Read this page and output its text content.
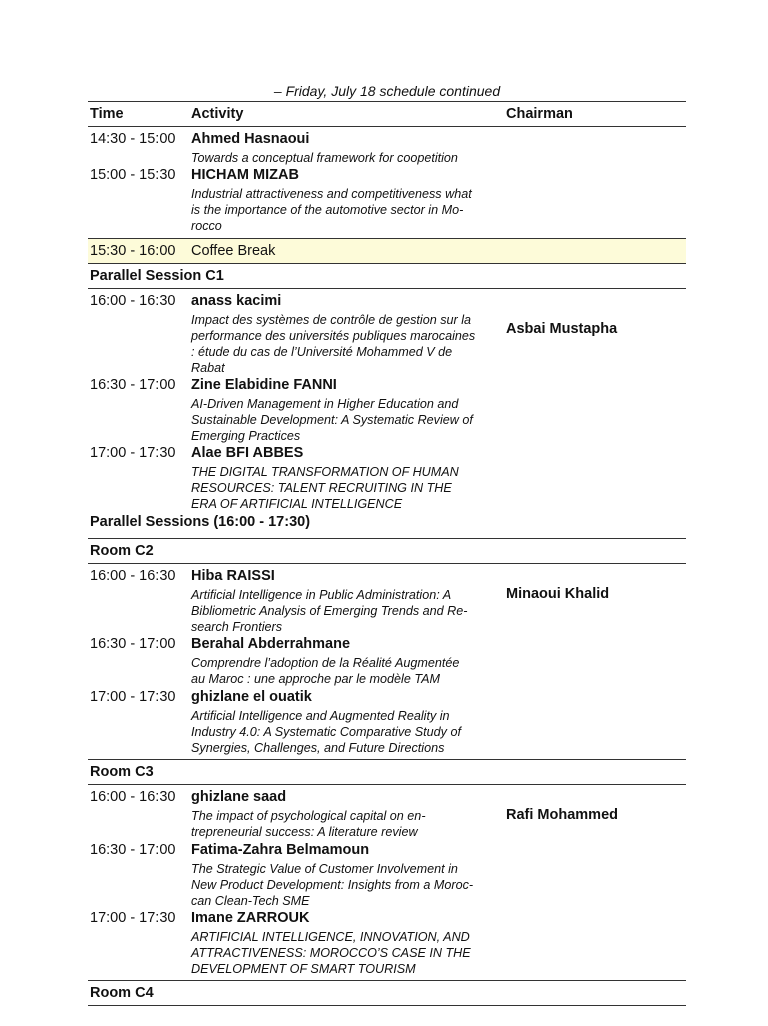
– Friday, July 18 schedule continued
Time	Activity	Chairman
14:30 - 15:00 Ahmed Hasnaoui
Towards a conceptual framework for coopetition
15:00 - 15:30 HICHAM MIZAB
Industrial attractiveness and competitiveness what
is the importance of the automotive sector in Mo-
rocco
15:30 - 16:00 Coffee Break
Parallel Session C1
Asbai Mustapha
16:00 - 16:30 anass kacimi
Impact des systèmes de contrôle de gestion sur la
performance des universités publiques marocaines
: étude du cas de l’Université Mohammed V de
Rabat
16:30 - 17:00 Zine Elabidine FANNI
AI-Driven Management in Higher Education and
Sustainable Development: A Systematic Review of
Emerging Practices
17:00 - 17:30 Alae BFI ABBES
THE DIGITAL TRANSFORMATION OF HUMAN
RESOURCES: TALENT RECRUITING IN THE
ERA OF ARTIFICIAL INTELLIGENCE
Parallel Sessions (16:00 - 17:30)
Room C2
Minaoui Khalid
16:00 - 16:30 Hiba RAISSI
Artificial Intelligence in Public Administration: A
Bibliometric Analysis of Emerging Trends and Re-
search Frontiers
16:30 - 17:00 Berahal Abderrahmane
Comprendre l’adoption de la Réalité Augmentée
au Maroc : une approche par le modèle TAM
17:00 - 17:30 ghizlane el ouatik
Artificial Intelligence and Augmented Reality in
Industry 4.0: A Systematic Comparative Study of
Synergies, Challenges, and Future Directions
Room C3
Rafi Mohammed
16:00 - 16:30 ghizlane saad
The impact of psychological capital on en-
trepreneurial success: A literature review
16:30 - 17:00 Fatima-Zahra Belmamoun
The Strategic Value of Customer Involvement in
New Product Development: Insights from a Moroc-
can Clean-Tech SME
17:00 - 17:30 Imane ZARROUK
ARTIFICIAL INTELLIGENCE, INNOVATION, AND
ATTRACTIVENESS: MOROCCO’S CASE IN THE
DEVELOPMENT OF SMART TOURISM
Room C4
